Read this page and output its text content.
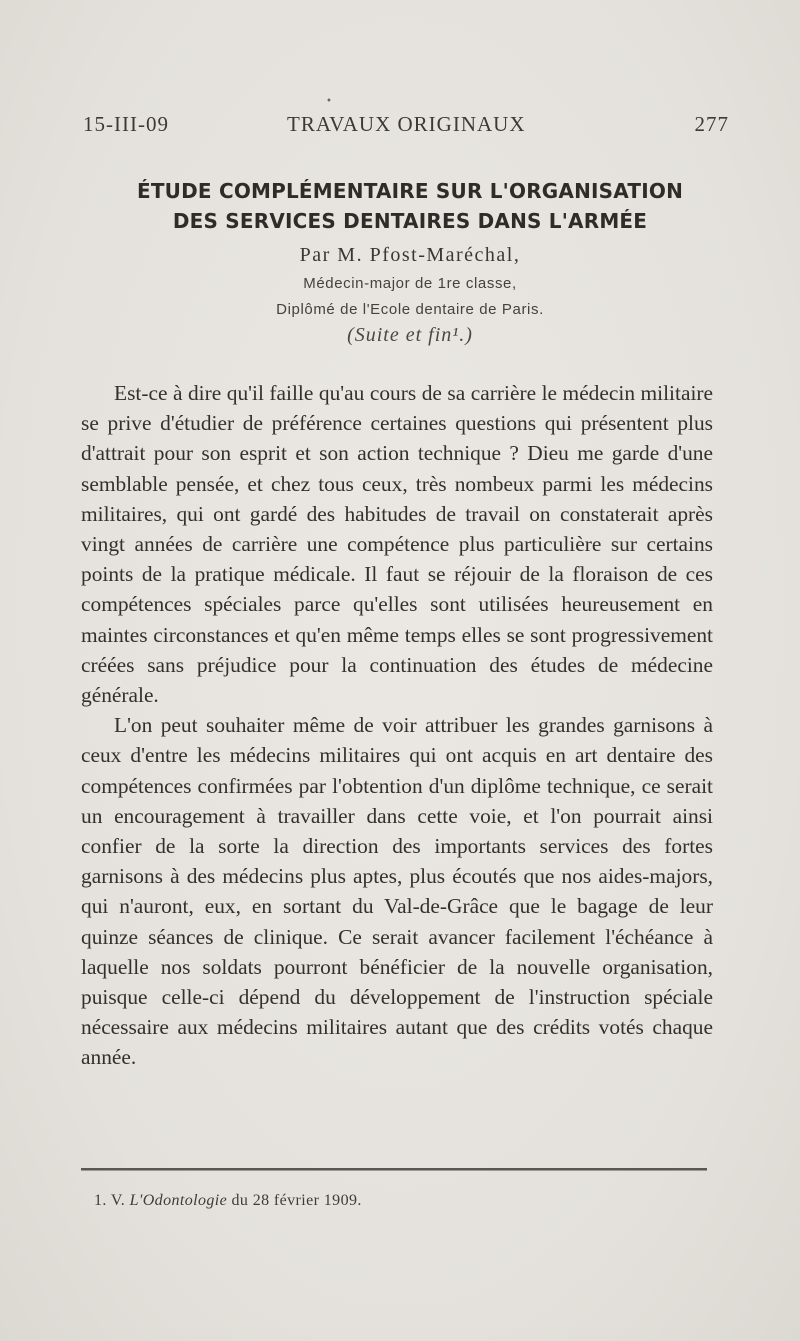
•
15-III-09	TRAVAUX ORIGINAUX	277
ÉTUDE COMPLÉMENTAIRE SUR L'ORGANISATION
DES SERVICES DENTAIRES DANS L'ARMÉE
Par M. Pfost-Maréchal,
Médecin-major de 1re classe,
Diplômé de l'Ecole dentaire de Paris.
(Suite et fin¹.)

Est-ce à dire qu'il faille qu'au cours de sa carrière le médecin militaire se prive d'étudier de préférence certaines questions qui présentent plus d'attrait pour son esprit et son action technique ? Dieu me garde d'une semblable pensée, et chez tous ceux, très nombeux parmi les médecins militaires, qui ont gardé des habitudes de travail on constaterait après vingt années de carrière une compétence plus particulière sur certains points de la pratique médicale. Il faut se réjouir de la floraison de ces compétences spéciales parce qu'elles sont utilisées heureusement en maintes circonstances et qu'en même temps elles se sont progressivement créées sans préjudice pour la continuation des études de médecine générale.

L'on peut souhaiter même de voir attribuer les grandes garnisons à ceux d'entre les médecins militaires qui ont acquis en art dentaire des compétences confirmées par l'obtention d'un diplôme technique, ce serait un encouragement à travailler dans cette voie, et l'on pourrait ainsi confier de la sorte la direction des importants services des fortes garnisons à des médecins plus aptes, plus écoutés que nos aides-majors, qui n'auront, eux, en sortant du Val-de-Grâce que le bagage de leur quinze séances de clinique. Ce serait avancer facilement l'échéance à laquelle nos soldats pourront bénéficier de la nouvelle organisation, puisque celle-ci dépend du développement de l'instruction spéciale nécessaire aux médecins militaires autant que des crédits votés chaque année.

1. V. L'Odontologie du 28 février 1909.
